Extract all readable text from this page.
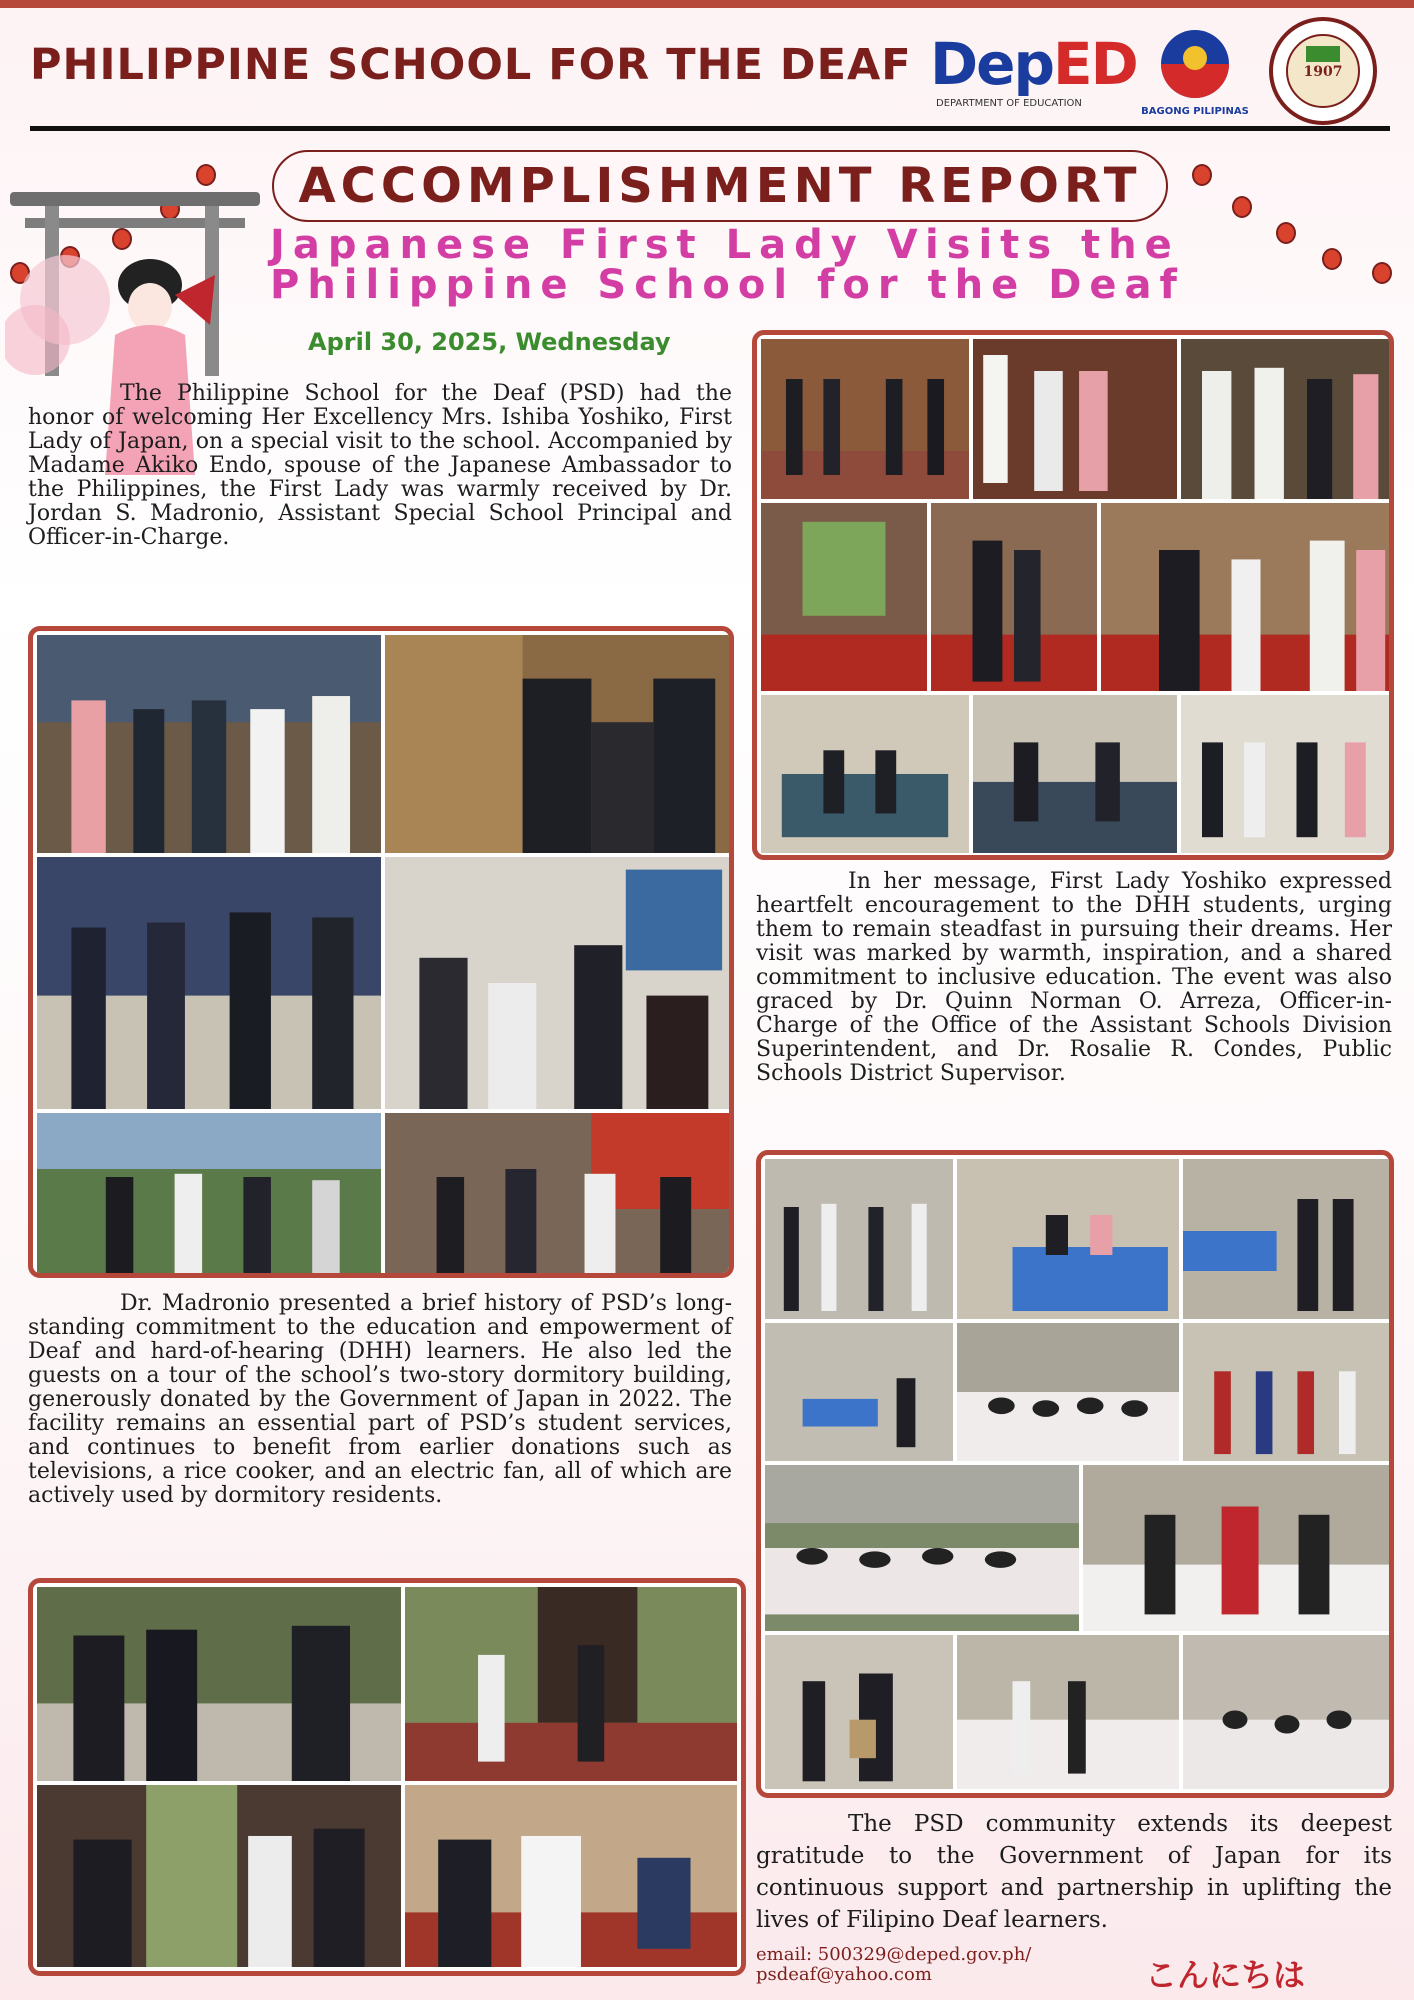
PHILIPPINE SCHOOL FOR THE DEAF DepED
DEPARTMENT OF EDUCATION
BAGONG PILIPINAS
1907
ACCOMPLISHMENT REPORT
Japanese First Lady Visits the
Philippine School for the Deaf
April 30, 2025, Wednesday

The Philippine School for the Deaf (PSD) had the honor of welcoming Her Excellency Mrs. Ishiba Yoshiko, First Lady of Japan, on a special visit to the school. Accompanied by Madame Akiko Endo, spouse of the Japanese Ambassador to the Philippines, the First Lady was warmly received by Dr. Jordan S. Madronio, Assistant Special School Principal and Officer-in-Charge.

Dr. Madronio presented a brief history of PSD’s long-standing commitment to the education and empowerment of Deaf and hard-of-hearing (DHH) learners. He also led the guests on a tour of the school’s two-story dormitory building, generously donated by the Government of Japan in 2022. The facility remains an essential part of PSD’s student services, and continues to benefit from earlier donations such as televisions, a rice cooker, and an electric fan, all of which are actively used by dormitory residents.

In her message, First Lady Yoshiko expressed heartfelt encouragement to the DHH students, urging them to remain steadfast in pursuing their dreams. Her visit was marked by warmth, inspiration, and a shared commitment to inclusive education. The event was also graced by Dr. Quinn Norman O. Arreza, Officer-in-Charge of the Office of the Assistant Schools Division Superintendent, and Dr. Rosalie R. Condes, Public Schools District Supervisor.

The PSD community extends its deepest gratitude to the Government of Japan for its continuous support and partnership in uplifting the lives of Filipino Deaf learners.

email: 500329@deped.gov.ph/
psdeaf@yahoo.com	こんにちは
